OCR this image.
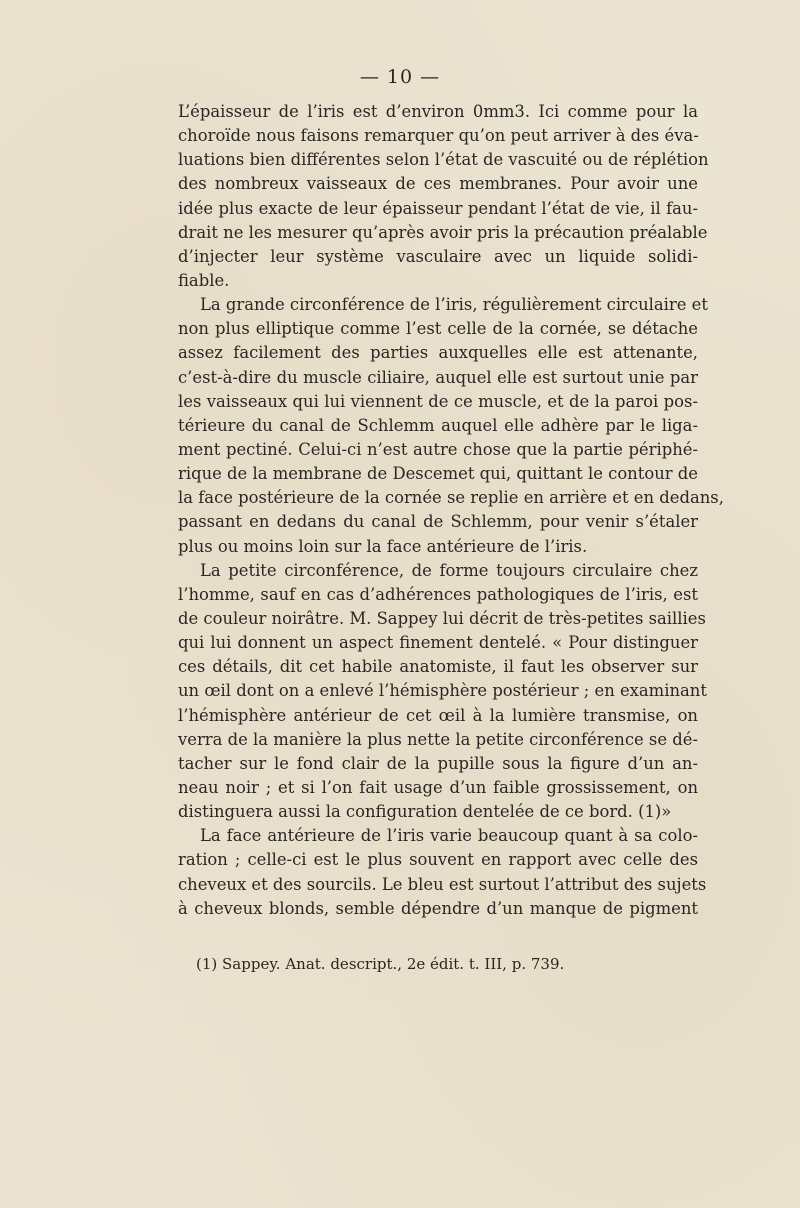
— 10 —
L’épaisseur de l’iris est d’environ 0mm3. Ici comme pour la
choroïde nous faisons remarquer qu’on peut arriver à des éva-
luations bien différentes selon l’état de vascuité ou de réplétion
des nombreux vaisseaux de ces membranes. Pour avoir une
idée plus exacte de leur épaisseur pendant l’état de vie, il fau-
drait ne les mesurer qu’après avoir pris la précaution préalable
d’injecter leur système vasculaire avec un liquide solidi-
fiable.
La grande circonférence de l’iris, régulièrement circulaire et
non plus elliptique comme l’est celle de la cornée, se détache
assez facilement des parties auxquelles elle est attenante,
c’est-à-dire du muscle ciliaire, auquel elle est surtout unie par
les vaisseaux qui lui viennent de ce muscle, et de la paroi pos-
térieure du canal de Schlemm auquel elle adhère par le liga-
ment pectiné. Celui-ci n’est autre chose que la partie périphé-
rique de la membrane de Descemet qui, quittant le contour de
la face postérieure de la cornée se replie en arrière et en dedans,
passant en dedans du canal de Schlemm, pour venir s’étaler
plus ou moins loin sur la face antérieure de l’iris.
La petite circonférence, de forme toujours circulaire chez
l’homme, sauf en cas d’adhérences pathologiques de l’iris, est
de couleur noirâtre. M. Sappey lui décrit de très-petites saillies
qui lui donnent un aspect finement dentelé. « Pour distinguer
ces détails, dit cet habile anatomiste, il faut les observer sur
un œil dont on a enlevé l’hémisphère postérieur ; en examinant
l’hémisphère antérieur de cet œil à la lumière transmise, on
verra de la manière la plus nette la petite circonférence se dé-
tacher sur le fond clair de la pupille sous la figure d’un an-
neau noir ; et si l’on fait usage d’un faible grossissement, on
distinguera aussi la configuration dentelée de ce bord. (1)»
La face antérieure de l’iris varie beaucoup quant à sa colo-
ration ; celle-ci est le plus souvent en rapport avec celle des
cheveux et des sourcils. Le bleu est surtout l’attribut des sujets
à cheveux blonds, semble dépendre d’un manque de pigment
(1) Sappey. Anat. descript., 2e édit. t. III, p. 739.
